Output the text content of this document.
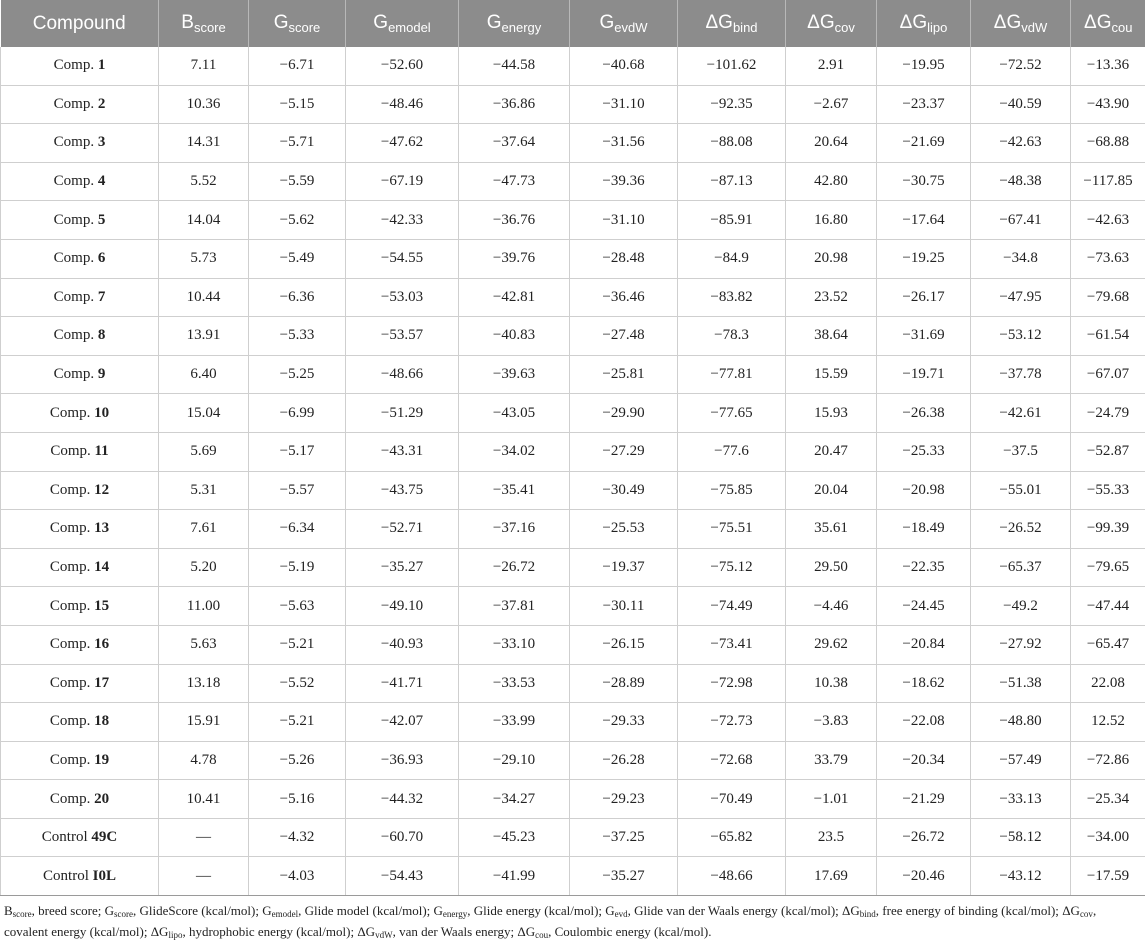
Compound	$B_{score}$	$G_{score}$	$G_{emodel}$	$G_{energy}$	$G_{evdW}$	$\Delta G_{bind}$	$\Delta G_{cov}$	$\Delta G_{lipo}$	$\Delta G_{vdW}$	$\Delta G_{cou}$
Comp. 1	7.11	−6.71	−52.60	−44.58	−40.68	−101.62	2.91	−19.95	−72.52	−13.36
Comp. 2	10.36	−5.15	−48.46	−36.86	−31.10	−92.35	−2.67	−23.37	−40.59	−43.90
Comp. 3	14.31	−5.71	−47.62	−37.64	−31.56	−88.08	20.64	−21.69	−42.63	−68.88
Comp. 4	5.52	−5.59	−67.19	−47.73	−39.36	−87.13	42.80	−30.75	−48.38	−117.85
Comp. 5	14.04	−5.62	−42.33	−36.76	−31.10	−85.91	16.80	−17.64	−67.41	−42.63
Comp. 6	5.73	−5.49	−54.55	−39.76	−28.48	−84.9	20.98	−19.25	−34.8	−73.63
Comp. 7	10.44	−6.36	−53.03	−42.81	−36.46	−83.82	23.52	−26.17	−47.95	−79.68
Comp. 8	13.91	−5.33	−53.57	−40.83	−27.48	−78.3	38.64	−31.69	−53.12	−61.54
Comp. 9	6.40	−5.25	−48.66	−39.63	−25.81	−77.81	15.59	−19.71	−37.78	−67.07
Comp. 10	15.04	−6.99	−51.29	−43.05	−29.90	−77.65	15.93	−26.38	−42.61	−24.79
Comp. 11	5.69	−5.17	−43.31	−34.02	−27.29	−77.6	20.47	−25.33	−37.5	−52.87
Comp. 12	5.31	−5.57	−43.75	−35.41	−30.49	−75.85	20.04	−20.98	−55.01	−55.33
Comp. 13	7.61	−6.34	−52.71	−37.16	−25.53	−75.51	35.61	−18.49	−26.52	−99.39
Comp. 14	5.20	−5.19	−35.27	−26.72	−19.37	−75.12	29.50	−22.35	−65.37	−79.65
Comp. 15	11.00	−5.63	−49.10	−37.81	−30.11	−74.49	−4.46	−24.45	−49.2	−47.44
Comp. 16	5.63	−5.21	−40.93	−33.10	−26.15	−73.41	29.62	−20.84	−27.92	−65.47
Comp. 17	13.18	−5.52	−41.71	−33.53	−28.89	−72.98	10.38	−18.62	−51.38	22.08
Comp. 18	15.91	−5.21	−42.07	−33.99	−29.33	−72.73	−3.83	−22.08	−48.80	12.52
Comp. 19	4.78	−5.26	−36.93	−29.10	−26.28	−72.68	33.79	−20.34	−57.49	−72.86
Comp. 20	10.41	−5.16	−44.32	−34.27	−29.23	−70.49	−1.01	−21.29	−33.13	−25.34
Control 49C	—	−4.32	−60.70	−45.23	−37.25	−65.82	23.5	−26.72	−58.12	−34.00
Control I0L	—	−4.03	−54.43	−41.99	−35.27	−48.66	17.69	−20.46	−43.12	−17.59
$B_{score}$, breed score; $G_{score}$, GlideScore (kcal/mol); $G_{emodel}$, Glide model (kcal/mol); $G_{energy}$, Glide energy (kcal/mol); $G_{evd}$, Glide van der Waals energy (kcal/mol); $\Delta G_{bind}$, free energy of binding (kcal/mol); $\Delta G_{cov}$, covalent energy (kcal/mol); $\Delta G_{lipo}$, hydrophobic energy (kcal/mol); $\Delta G_{vdW}$, van der Waals energy; $\Delta G_{cou}$, Coulombic energy (kcal/mol).
